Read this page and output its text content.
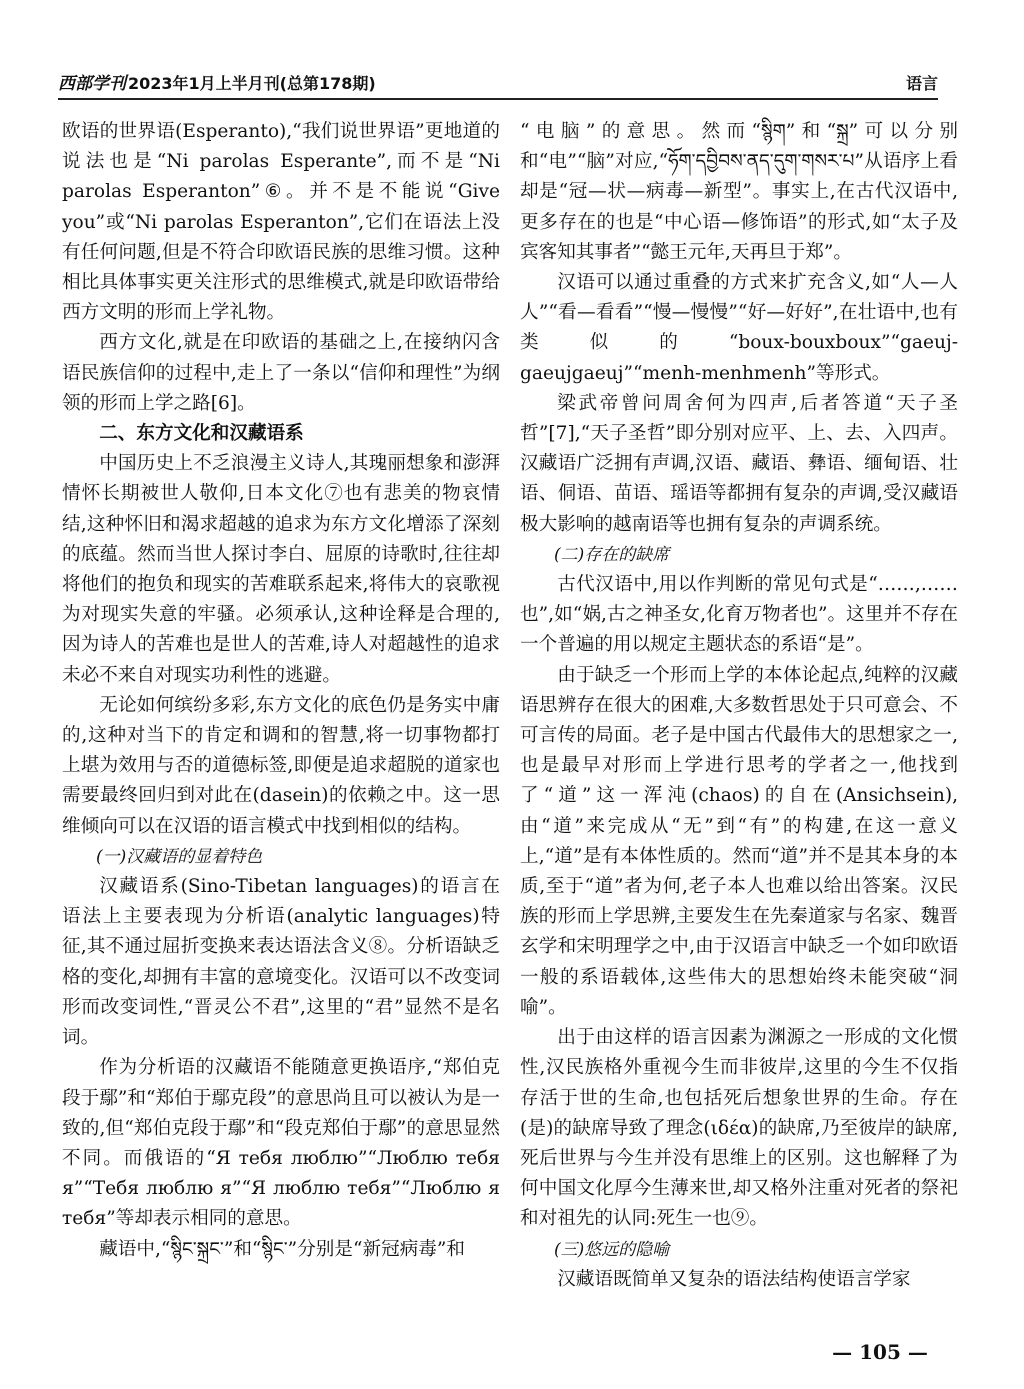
西部学刊 2023年1月上半月刊(总第178期)	语言

欧语的世界语(Esperanto),“我们说世界语”更地道的说法也是“Ni parolas Esperante”,而不是“Ni parolas Esperanton”⑥。并不是不能说“Give you”或“Ni parolas Esperanton”,它们在语法上没有任何问题,但是不符合印欧语民族的思维习惯。这种相比具体事实更关注形式的思维模式,就是印欧语带给西方文明的形而上学礼物。

西方文化,就是在印欧语的基础之上,在接纳闪含语民族信仰的过程中,走上了一条以“信仰和理性”为纲领的形而上学之路[6]。

二、东方文化和汉藏语系

中国历史上不乏浪漫主义诗人,其瑰丽想象和澎湃情怀长期被世人敬仰,日本文化⑦也有悲美的物哀情结,这种怀旧和渴求超越的追求为东方文化增添了深刻的底蕴。然而当世人探讨李白、屈原的诗歌时,往往却将他们的抱负和现实的苦难联系起来,将伟大的哀歌视为对现实失意的牢骚。必须承认,这种诠释是合理的,因为诗人的苦难也是世人的苦难,诗人对超越性的追求未必不来自对现实功利性的逃避。

无论如何缤纷多彩,东方文化的底色仍是务实中庸的,这种对当下的肯定和调和的智慧,将一切事物都打上堪为效用与否的道德标签,即便是追求超脱的道家也需要最终回归到对此在(dasein)的依赖之中。这一思维倾向可以在汉语的语言模式中找到相似的结构。

(一)汉藏语的显着特色

汉藏语系(Sino-Tibetan languages)的语言在语法上主要表现为分析语(analytic languages)特征,其不通过屈折变换来表达语法含义⑧。分析语缺乏格的变化,却拥有丰富的意境变化。汉语可以不改变词形而改变词性,“晋灵公不君”,这里的“君”显然不是名词。

作为分析语的汉藏语不能随意更换语序,“郑伯克段于鄢”和“郑伯于鄢克段”的意思尚且可以被认为是一致的,但“郑伯克段于鄢”和“段克郑伯于鄢”的意思显然不同。而俄语的“Я тебя люблю”“Люблю тебя я”“Тебя люблю я”“Я люблю тебя”“Люблю я тебя”等却表示相同的意思。

藏语中,“སྙིང་སྐྲང་”和“སྙིང་”分别是“新冠病毒”和

“电脑”的意思。然而“སྙིག”和“སྐྲ”可以分别和“电”“脑”对应,“ཧོག་དབྱིབས་ནད་དུག་གསར་པ”从语序上看却是“冠—状—病毒—新型”。事实上,在古代汉语中,更多存在的也是“中心语—修饰语”的形式,如“太子及宾客知其事者”“懿王元年,天再旦于郑”。

汉语可以通过重叠的方式来扩充含义,如“人—人人”“看—看看”“慢—慢慢”“好—好好”,在壮语中,也有类似的“boux-bouxboux”“gaeuj-gaeujgaeuj”“menh-menhmenh”等形式。

梁武帝曾问周舍何为四声,后者答道“天子圣哲”[7],“天子圣哲”即分别对应平、上、去、入四声。汉藏语广泛拥有声调,汉语、藏语、彝语、缅甸语、壮语、侗语、苗语、瑶语等都拥有复杂的声调,受汉藏语极大影响的越南语等也拥有复杂的声调系统。

(二)存在的缺席

古代汉语中,用以作判断的常见句式是“……,……也”,如“娲,古之神圣女,化育万物者也”。这里并不存在一个普遍的用以规定主题状态的系语“是”。

由于缺乏一个形而上学的本体论起点,纯粹的汉藏语思辨存在很大的困难,大多数哲思处于只可意会、不可言传的局面。老子是中国古代最伟大的思想家之一,也是最早对形而上学进行思考的学者之一,他找到了“道”这一浑沌(chaos)的自在(Ansichsein),由“道”来完成从“无”到“有”的构建,在这一意义上,“道”是有本体性质的。然而“道”并不是其本身的本质,至于“道”者为何,老子本人也难以给出答案。汉民族的形而上学思辨,主要发生在先秦道家与名家、魏晋玄学和宋明理学之中,由于汉语言中缺乏一个如印欧语一般的系语载体,这些伟大的思想始终未能突破“洞喻”。

出于由这样的语言因素为渊源之一形成的文化惯性,汉民族格外重视今生而非彼岸,这里的今生不仅指存活于世的生命,也包括死后想象世界的生命。存在(是)的缺席导致了理念(ιδέα)的缺席,乃至彼岸的缺席,死后世界与今生并没有思维上的区别。这也解释了为何中国文化厚今生薄来世,却又格外注重对死者的祭祀和对祖先的认同:死生一也⑨。

(三)悠远的隐喻

汉藏语既简单又复杂的语法结构使语言学家

— 105 —
